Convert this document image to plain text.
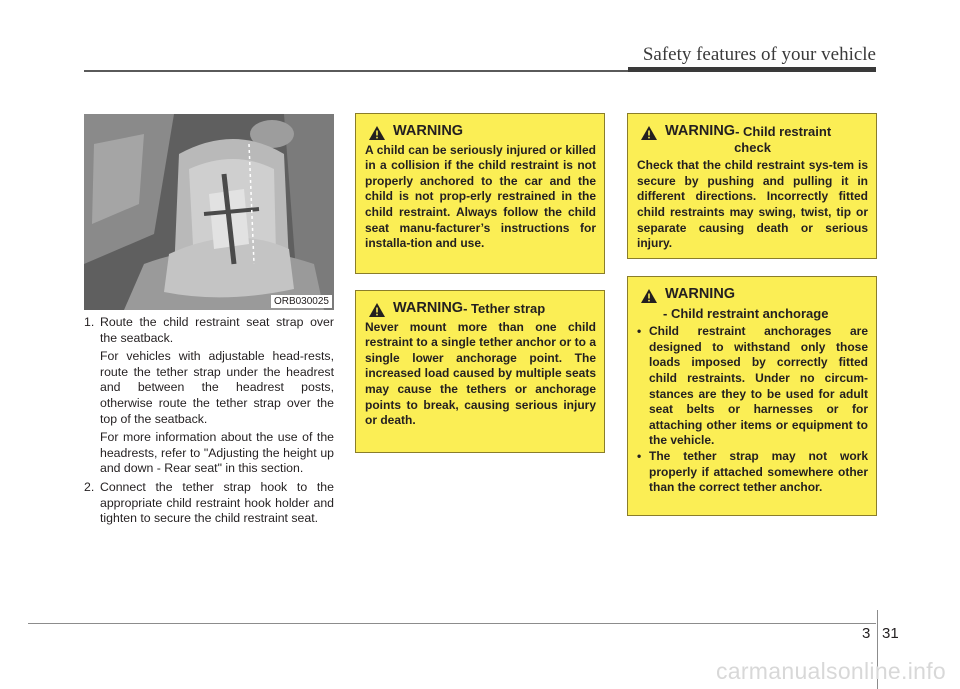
Safety features of your vehicle
ORB030025
1. Route the child restraint seat strap over the seatback.
For vehicles with adjustable head-rests, route the tether strap under the headrest and between the headrest posts, otherwise route the tether strap over the top of the seatback.
For more information about the use of the headrests, refer to "Adjusting the height up and down - Rear seat" in this section.
2. Connect the tether strap hook to the appropriate child restraint hook holder and tighten to secure the child restraint seat.
WARNING
A child can be seriously injured or killed in a collision if the child restraint is not properly anchored to the car and the child is not prop-erly restrained in the child restraint. Always follow the child seat manu-facturer’s instructions for installa-tion and use.
WARNING - Tether strap
Never mount more than one child restraint to a single tether anchor or to a single lower anchorage point. The increased load caused by multiple seats may cause the tethers or anchorage points to break, causing serious injury or death.
WARNING - Child restraint
check
Check that the child restraint sys-tem is secure by pushing and pulling it in different directions. Incorrectly fitted child restraints may swing, twist, tip or separate causing death or serious injury.
WARNING
- Child restraint anchorage
• Child restraint anchorages are designed to withstand only those loads imposed by correctly fitted child restraints. Under no circum-stances are they to be used for adult seat belts or harnesses or for attaching other items or equipment to the vehicle.
• The tether strap may not work properly if attached somewhere other than the correct tether anchor.
3 31
carmanualsonline.info
